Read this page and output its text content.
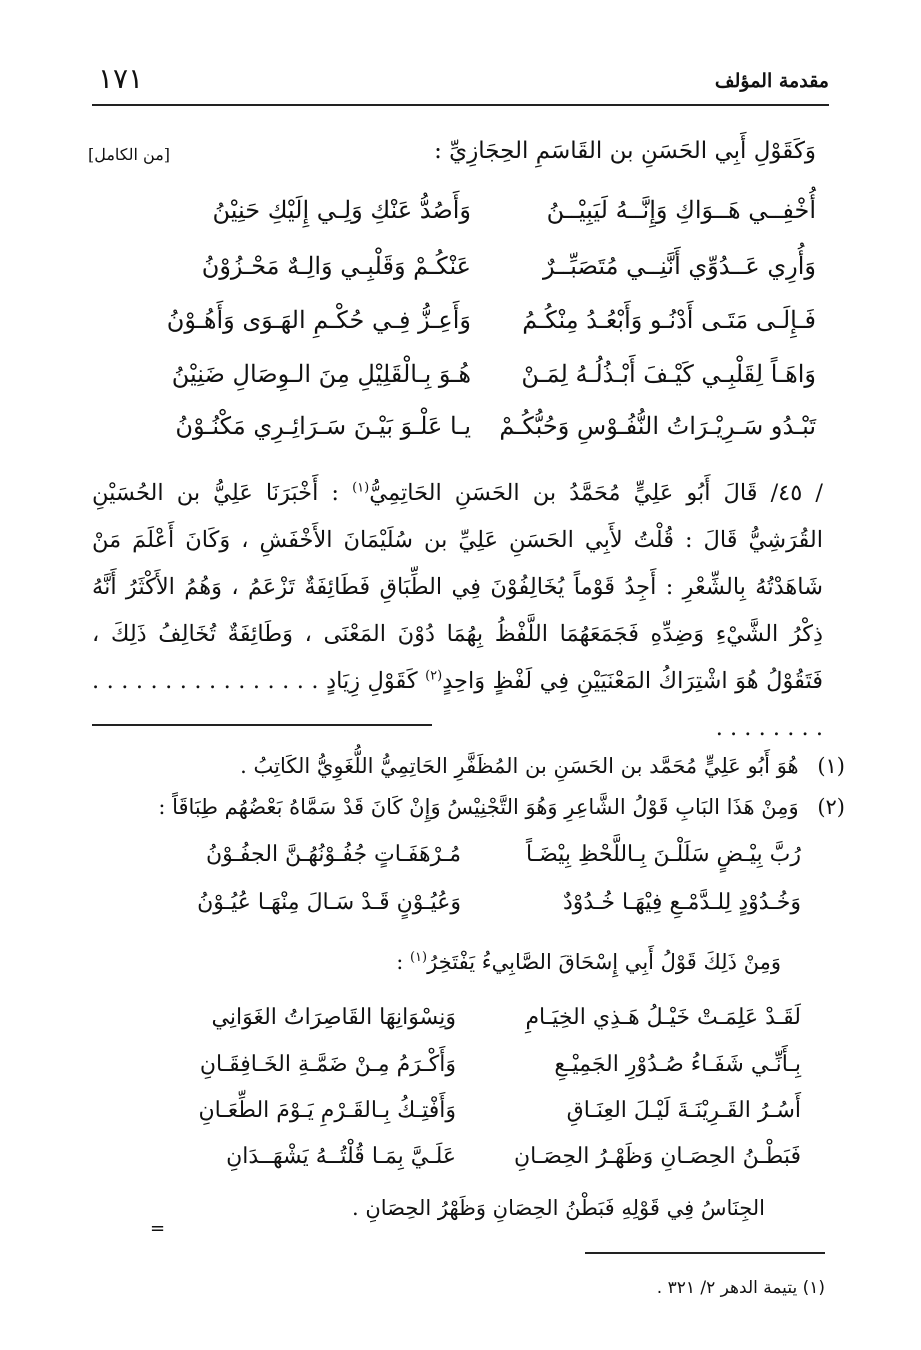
مقدمة المؤلف
١٧١
وَكَقَوْلِ أَبِي الحَسَنِ بن القَاسَمِ الحِجَازِيِّ :
[من الكامل]
أُخْفِــي هَــوَاكِ وَإِنَّــهُ لَيَبِيْــنُ
وَأَصُدُّ عَنْكِ وَلِـي إِلَيْكِ حَنِيْنُ
وَأُرِي عَــدُوِّي أَنَّنِــي مُتَصَبِّــرٌ
عَنْكُـمْ وَقَلْبِـي وَالِـهٌ مَحْـزُوْنُ
فَـإِلَـى مَتَـى أَدْنُـو وَأَبْعُـدُ مِنْكُـمُ
وَأَعِـزُّ فِـي حُكْـمِ الهَـوَى وَأَهُـوْنُ
وَاهَـاً لِقَلْبِـي كَيْـفَ أَبْـذُلُـهُ لِمَـنْ
هُـوَ بِـالْقَلِيْلِ مِنَ الـوِصَالِ ضَنِيْنُ
تَبْـدُو سَـرِيْـرَاتُ النُّفُـوْسِ وَحُبُّكُـمْ
يـا عَلْـوَ بَيْـنَ سَـرَائِـرِي مَكْنُـوْنُ

/ ٤٥/ قَالَ أَبُو عَلِيٍّ مُحَمَّدُ بن الحَسَنِ الحَاتِمِيُّ$^{(١)}$ : أَخْبَرَنَا عَلِيُّ بن الحُسَيْنِ القُرَشِيُّ قَالَ : قُلْتُ لأَبِي الحَسَنِ عَلِيِّ بن سُلَيْمَانَ الأَخْفَشِ ، وَكَانَ أَعْلَمَ مَنْ شَاهَدْتُهُ بِالشِّعْرِ : أَجِدُ قَوْماً يُخَالِفُوْنَ فِي الطِّبَاقِ فَطَائِفَةٌ تَزْعَمُ ، وَهُمُ الأَكْثَرُ أَنَّهُ ذِكْرُ الشَّيْءِ وَضِدِّهِ فَجَمَعَهُمَا اللَّفْظُ بِهُمَا دُوْنَ المَعْنَى ، وَطَائِفَةٌ تُخَالِفُ ذَلِكَ ، فَتَقُوْلُ هُوَ اشْتِرَاكُ المَعْنَيَيْنِ فِي لَفْظٍ وَاحِدٍ$^{(٢)}$ كَقَوْلِ زِيَادٍ . . . . . . . . . . . . . . . . . . . . . . . .

(١) هُوَ أَبُو عَلِيٍّ مُحَمَّد بن الحَسَنِ بن المُظَفَّرِ الحَاتِمِيُّ اللُّغَوِيُّ الكَاتِبُ .
(٢) وَمِنْ هَذَا البَابِ قَوْلُ الشَّاعِرِ وَهُوَ التَّجْنِيْسُ وَإِنْ كَانَ قَدْ سَمَّاهُ بَعْضُهُم طِبَاقَاً :
رُبَّ بِيْـضٍ سَلَلْـنَ بِـاللَّحْظِ بِيْضَـاً
مُـرْهَفَـاتٍ جُفُـوْنُهُـنَّ الجفُـوْنُ
وَخُـدُوْدٍ لِلـدَّمْـعِ فِيْهَـا خُـدُوْدٌ
وَعُيُـوْنٍ قَـدْ سَـالَ مِنْهَـا عُيُـوْنُ
وَمِنْ ذَلِكَ قَوْلُ أَبِي إِسْحَاقَ الصَّابِيءُ يَفْتَخِرُ$^{(١)}$ :
لَقَـدْ عَلِمَـتْ خَيْـلُ هَـذِي الخِيَـامِ
وَنِسْوَانِهَا القَاصِرَاتُ الغَوَانِي
بِـأَنِّـي شَفَـاءُ صُـدُوْرِ الجَمِيْـعِ
وَأَكْـرَمُ مِـنْ ضَمَّـةِ الخَـافِقَـانِ
أَسُـرُ القَـرِيْنَـةَ لَيْـلَ العِنَـاقِ
وَأَفْتِـكُ بِـالقَـرْمِ يَـوْمَ الطِّعَـانِ
فَبَطْـنُ الحِصَـانِ وَظَهْـرُ الحِصَـانِ
عَلَـيَّ بِمَـا قُلْتُــهُ يَشْهَــدَانِ
الجِنَاسُ فِي قَوْلِهِ فَبَطْنُ الحِصَانِ وَظَهْرُ الحِصَانِ .
=
(١) يتيمة الدهر ٢/ ٣٢١ .
